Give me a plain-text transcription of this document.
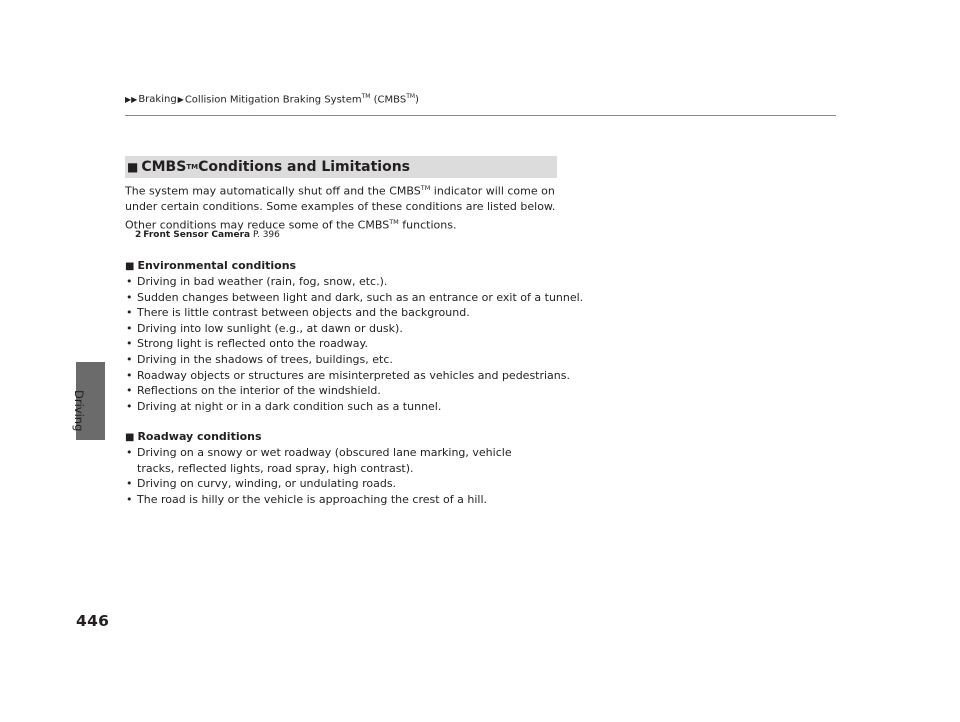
Driving
446
▶▶ Braking ▶ Collision Mitigation Braking System™ (CMBS™)
■ CMBS TM Conditions and Limitations
The system may automatically shut off and the CMBS™ indicator will come on under certain conditions. Some examples of these conditions are listed below. Other conditions may reduce some of the CMBS™ functions.
2 Front Sensor Camera P. 396
■ Environmental conditions
• Driving in bad weather (rain, fog, snow, etc.).
• Sudden changes between light and dark, such as an entrance or exit of a tunnel.
• There is little contrast between objects and the background.
• Driving into low sunlight (e.g., at dawn or dusk).
• Strong light is reflected onto the roadway.
• Driving in the shadows of trees, buildings, etc.
• Roadway objects or structures are misinterpreted as vehicles and pedestrians.
• Reflections on the interior of the windshield.
• Driving at night or in a dark condition such as a tunnel.
■ Roadway conditions
• Driving on a snowy or wet roadway (obscured lane marking, vehicle tracks, reflected lights, road spray, high contrast).
• Driving on curvy, winding, or undulating roads.
• The road is hilly or the vehicle is approaching the crest of a hill.
